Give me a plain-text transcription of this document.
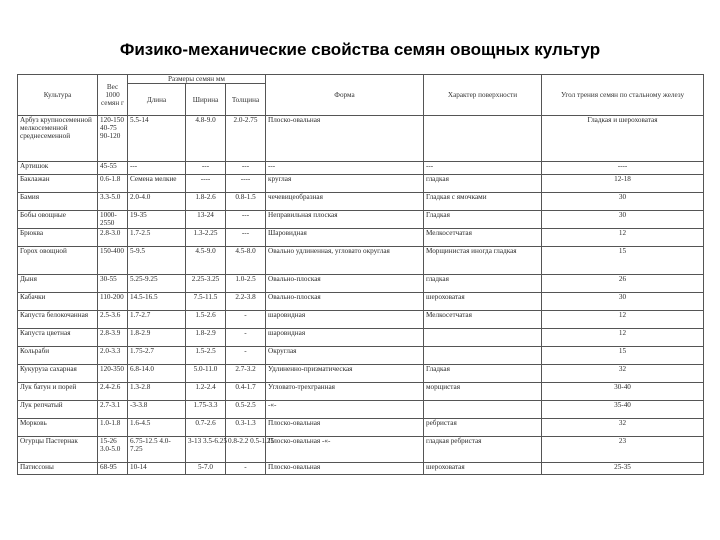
Физико-механические свойства семян овощных культур
Культура	Вес 1000 семян г	Размеры семян мм			Форма	Характер поверхности	Угол трения семян по стальному железу
		Длина	Ширина	Толщина			
Арбуз крупносеменной мелкосеменной среднесеменной	120-150 40-75 90-120	5.5-14	4.8-9.0	2.0-2.75	Плоско-овальная		Гладкая и шероховатая
Артишок	45-55	---	---	---	---	---	----
Баклажан	0.6-1.8	Семена мелкие	----	----	круглая	гладкая	12-18
Бамия	3.3-5.0	2.0-4.0	1.8-2.6	0.8-1.5	чечевицеобразная	Гладкая с ямочками	30
Бобы овощные	1000-2550	19-35	13-24	---	Неправильная плоская	Гладкая	30
Брюква	2.8-3.0	1.7-2.5	1.3-2.25	---	Шаровидная	Мелкосетчатая	12
Горох овощной	150-400	5-9.5	4.5-9.0	4.5-8.0	Овально удлиненная, угловато округлая	Морщинистая иногда гладкая	15
Дыня	30-55	5.25-9.25	2.25-3.25	1.0-2.5	Овально-плоская	гладкая	26
Кабачки	110-200	14.5-16.5	7.5-11.5	2.2-3.8	Овально-плоская	шероховатая	30
Капуста белокочанная	2.5-3.6	1.7-2.7	1.5-2.6	-	шаровидная	Мелкосетчатая	12
Капуста цветная	2.8-3.9	1.8-2.9	1.8-2.9	-	шаровидная		12
Кольраби	2.0-3.3	1.75-2.7	1.5-2.5	-	Округлая		15
Кукуруза сахарная	120-350	6.8-14.0	5.0-11.0	2.7-3.2	Удлиненно-призматическая	Гладкая	32
Лук батун и порей	2.4-2.6	1.3-2.8	1.2-2.4	0.4-1.7	Угловато-трехгранная	морщистая	30-40
Лук репчатый	2.7-3.1	-3-3.8	1.75-3.3	0.5-2.5	-«-		35-40
Морковь	1.0-1.8	1.6-4.5	0.7-2.6	0.3-1.3	Плоско-овальная	ребристая	32
Огурцы Пастернак	15-26 3.0-5.0	6.75-12.5 4.0-7.25	3-13 3.5-6.25	0.8-2.2 0.5-1.25	Плоско-овальная -«-	гладкая ребристая	23
Патиссоны	68-95	10-14	5-7.0	-	Плоско-овальная	шероховатая	25-35
